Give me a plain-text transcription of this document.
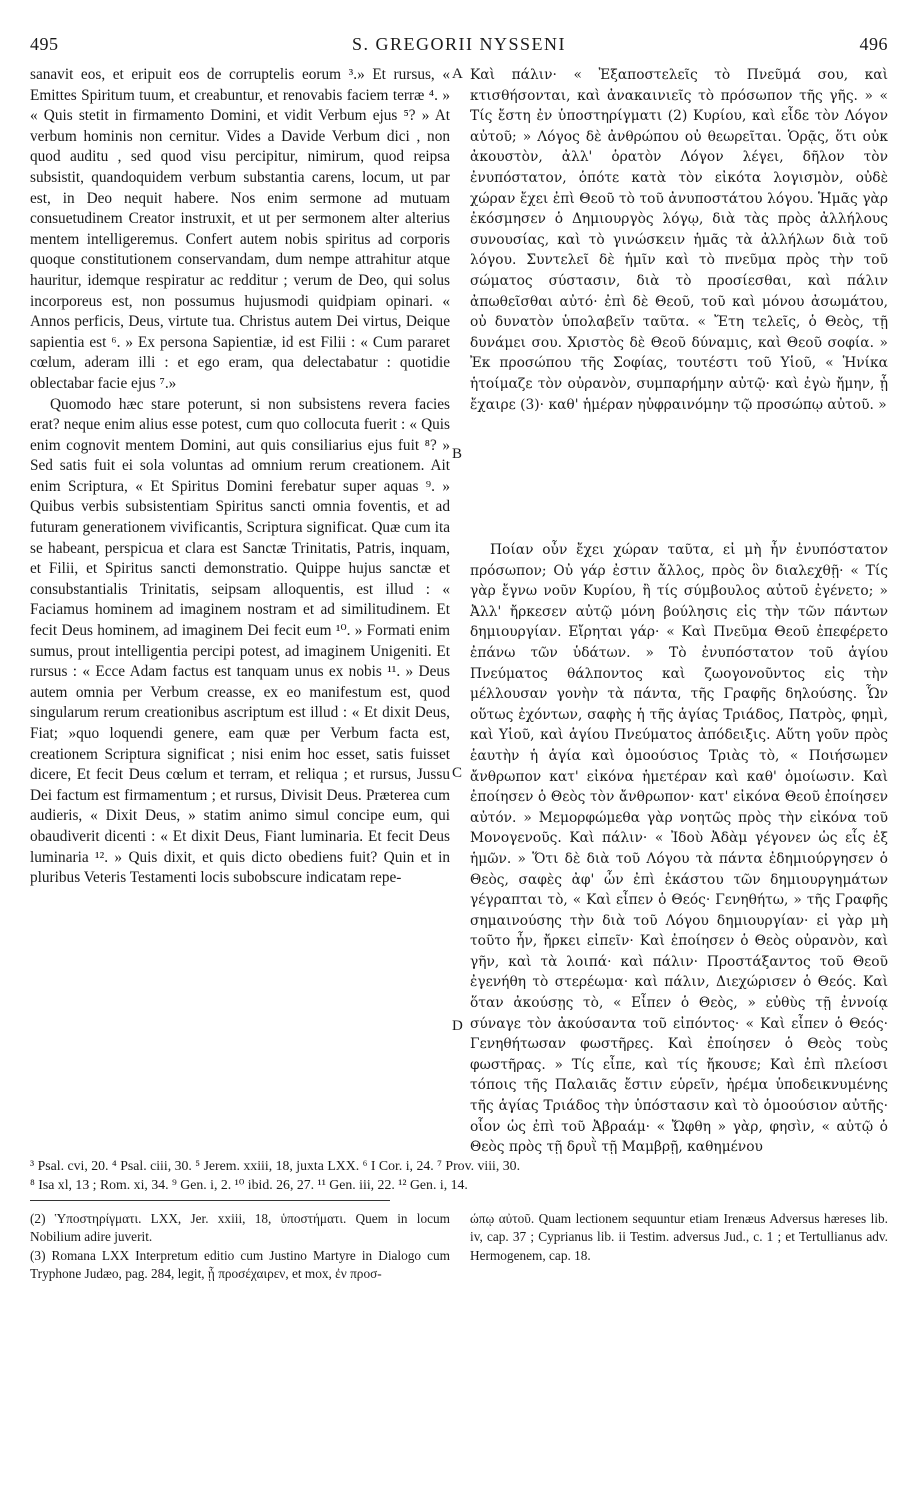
495	S. GREGORII NYSSENI	496

sanavit eos, et eripuit eos de corruptelis eorum ³.» Et rursus, « Emittes Spiritum tuum, et creabuntur, et renovabis faciem terræ ⁴. » « Quis stetit in firmamento Domini, et vidit Verbum ejus ⁵? » At verbum hominis non cernitur. Vides a Davide Verbum dici , non quod auditu , sed quod visu percipitur, nimirum, quod reipsa subsistit, quandoquidem verbum substantia carens, locum, ut par est, in Deo nequit habere. Nos enim sermone ad mutuam consuetudinem Creator instruxit, et ut per sermonem alter alterius mentem intelligeremus. Confert autem nobis spiritus ad corporis quoque constitutionem conservandam, dum nempe attrahitur atque hauritur, idemque respiratur ac redditur ; verum de Deo, qui solus incorporeus est, non possumus hujusmodi quidpiam opinari. « Annos perficis, Deus, virtute tua. Christus autem Dei virtus, Deique sapientia est ⁶. » Ex persona Sapientiæ, id est Filii : « Cum pararet cœlum, aderam illi : et ego eram, qua delectabatur : quotidie oblectabar facie ejus ⁷.»

Quomodo hæc stare poterunt, si non subsistens revera facies erat? neque enim alius esse potest, cum quo collocuta fuerit : « Quis enim cognovit mentem Domini, aut quis consiliarius ejus fuit ⁸? » Sed satis fuit ei sola voluntas ad omnium rerum creationem. Ait enim Scriptura, « Et Spiritus Domini ferebatur super aquas ⁹. » Quibus verbis subsistentiam Spiritus sancti omnia foventis, et ad futuram generationem vivificantis, Scriptura significat. Quæ cum ita se habeant, perspicua et clara est Sanctæ Trinitatis, Patris, inquam, et Filii, et Spiritus sancti demonstratio. Quippe hujus sanctæ et consubstantialis Trinitatis, seipsam alloquentis, est illud : « Faciamus hominem ad imaginem nostram et ad similitudinem. Et fecit Deus hominem, ad imaginem Dei fecit eum ¹⁰. » Formati enim sumus, prout intelligentia percipi potest, ad imaginem Unigeniti. Et rursus : « Ecce Adam factus est tanquam unus ex nobis ¹¹. » Deus autem omnia per Verbum creasse, ex eo manifestum est, quod singularum rerum creationibus ascriptum est illud : « Et dixit Deus, Fiat; »quo loquendi genere, eam quæ per Verbum facta est, creationem Scriptura significat ; nisi enim hoc esset, satis fuisset dicere, Et fecit Deus cœlum et terram, et reliqua ; et rursus, Jussu Dei factum est firmamentum ; et rursus, Divisit Deus. Præterea cum audieris, « Dixit Deus, » statim animo simul concipe eum, qui obaudiverit dicenti : « Et dixit Deus, Fiant luminaria. Et fecit Deus luminaria ¹². » Quis dixit, et quis dicto obediens fuit? Quin et in pluribus Veteris Testamenti locis subobscure indicatam repe-

A
B
C
D

Καὶ πάλιν· « Ἐξαποστελεῖς τὸ Πνεῦμά σου, καὶ κτισθήσονται, καὶ ἀνακαινιεῖς τὸ πρόσωπον τῆς γῆς. » « Τίς ἔστη ἐν ὑποστηρίγματι (2) Κυρίου, καὶ εἶδε τὸν Λόγον αὐτοῦ; » Λόγος δὲ ἀνθρώπου οὐ θεωρεῖται. Ὁρᾷς, ὅτι οὐκ ἀκουστὸν, ἀλλ' ὁρατὸν Λόγον λέγει, δῆλον τὸν ἐνυπόστατον, ὁπότε κατὰ τὸν εἰκότα λογισμὸν, οὐδὲ χώραν ἔχει ἐπὶ Θεοῦ τὸ τοῦ ἀνυποστάτου λόγου. Ἡμᾶς γὰρ ἐκόσμησεν ὁ Δημιουργὸς λόγῳ, διὰ τὰς πρὸς ἀλλήλους συνουσίας, καὶ τὸ γινώσκειν ἡμᾶς τὰ ἀλλήλων διὰ τοῦ λόγου. Συντελεῖ δὲ ἡμῖν καὶ τὸ πνεῦμα πρὸς τὴν τοῦ σώματος σύστασιν, διὰ τὸ προσίεσθαι, καὶ πάλιν ἀπωθεῖσθαι αὐτό· ἐπὶ δὲ Θεοῦ, τοῦ καὶ μόνου ἀσωμάτου, οὐ δυνατὸν ὑπολαβεῖν ταῦτα. « Ἔτη τελεῖς, ὁ Θεὸς, τῇ δυνάμει σου. Χριστὸς δὲ Θεοῦ δύναμις, καὶ Θεοῦ σοφία. » Ἐκ προσώπου τῆς Σοφίας, τουτέστι τοῦ Υἱοῦ, « Ἡνίκα ἡτοίμαζε τὸν οὐρανὸν, συμπαρήμην αὐτῷ· καὶ ἐγὼ ἤμην, ᾗ ἔχαιρε (3)· καθ' ἡμέραν ηὐφραινόμην τῷ προσώπῳ αὐτοῦ. »

Ποίαν οὖν ἔχει χώραν ταῦτα, εἰ μὴ ἦν ἐνυπόστατον πρόσωπον; Οὐ γάρ ἐστιν ἄλλος, πρὸς ὃν διαλεχθῇ· « Τίς γὰρ ἔγνω νοῦν Κυρίου, ἢ τίς σύμβουλος αὐτοῦ ἐγένετο; » Ἀλλ' ἤρκεσεν αὐτῷ μόνη βούλησις εἰς τὴν τῶν πάντων δημιουργίαν. Εἴρηται γάρ· « Καὶ Πνεῦμα Θεοῦ ἐπεφέρετο ἐπάνω τῶν ὑδάτων. » Τὸ ἐνυπόστατον τοῦ ἁγίου Πνεύματος θάλποντος καὶ ζωογονοῦντος εἰς τὴν μέλλουσαν γονὴν τὰ πάντα, τῆς Γραφῆς δηλούσης. Ὧν οὕτως ἐχόντων, σαφὴς ἡ τῆς ἁγίας Τριάδος, Πατρὸς, φημὶ, καὶ Υἱοῦ, καὶ ἁγίου Πνεύματος ἀπόδειξις. Αὕτη γοῦν πρὸς ἑαυτὴν ἡ ἁγία καὶ ὁμοούσιος Τριὰς τὸ, « Ποιήσωμεν ἄνθρωπον κατ' εἰκόνα ἡμετέραν καὶ καθ' ὁμοίωσιν. Καὶ ἐποίησεν ὁ Θεὸς τὸν ἄνθρωπον· κατ' εἰκόνα Θεοῦ ἐποίησεν αὐτόν. » Μεμορφώμεθα γὰρ νοητῶς πρὸς τὴν εἰκόνα τοῦ Μονογενοῦς. Καὶ πάλιν· « Ἰδοὺ Ἀδὰμ γέγονεν ὡς εἷς ἐξ ἡμῶν. » Ὅτι δὲ διὰ τοῦ Λόγου τὰ πάντα ἐδημιούργησεν ὁ Θεὸς, σαφὲς ἀφ' ὧν ἐπὶ ἑκάστου τῶν δημιουργημάτων γέγραπται τὸ, « Καὶ εἶπεν ὁ Θεός· Γενηθήτω, » τῆς Γραφῆς σημαινούσης τὴν διὰ τοῦ Λόγου δημιουργίαν· εἰ γὰρ μὴ τοῦτο ἦν, ἤρκει εἰπεῖν· Καὶ ἐποίησεν ὁ Θεὸς οὐρανὸν, καὶ γῆν, καὶ τὰ λοιπά· καὶ πάλιν· Προστάξαντος τοῦ Θεοῦ ἐγενήθη τὸ στερέωμα· καὶ πάλιν, Διεχώρισεν ὁ Θεός. Καὶ ὅταν ἀκούσῃς τὸ, « Εἶπεν ὁ Θεὸς, » εὐθὺς τῇ ἐννοίᾳ σύναγε τὸν ἀκούσαντα τοῦ εἰπόντος· « Καὶ εἶπεν ὁ Θεός· Γενηθήτωσαν φωστῆρες. Καὶ ἐποίησεν ὁ Θεὸς τοὺς φωστῆρας. » Τίς εἶπε, καὶ τίς ἤκουσε; Καὶ ἐπὶ πλείοσι τόποις τῆς Παλαιᾶς ἔστιν εὑρεῖν, ἠρέμα ὑποδεικνυμένης τῆς ἁγίας Τριάδος τὴν ὑπόστασιν καὶ τὸ ὁμοούσιον αὐτῆς· οἷον ὡς ἐπὶ τοῦ Ἀβραάμ· « Ὤφθη » γὰρ, φησὶν, « αὐτῷ ὁ Θεὸς πρὸς τῇ δρυῒ τῇ Μαμβρῇ, καθημένου

³ Psal. cvi, 20. ⁴ Psal. ciii, 30. ⁵ Jerem. xxiii, 18, juxta LXX. ⁶ I Cor. i, 24. ⁷ Prov. viii, 30.
⁸ Isa xl, 13 ; Rom. xi, 34. ⁹ Gen. i, 2. ¹⁰ ibid. 26, 27. ¹¹ Gen. iii, 22. ¹² Gen. i, 14.

(2) Ὑποστηρίγματι. LXX, Jer. xxiii, 18, ὑποστήματι. Quem in locum Nobilium adire juverit.

(3) Romana LXX Interpretum editio cum Justino Martyre in Dialogo cum Tryphone Judæo, pag. 284, legit, ᾗ προσέχαιρεν, et mox, ἐν προσ-

ώπῳ αὐτοῦ. Quam lectionem sequuntur etiam Irenæus Adversus hæreses lib. iv, cap. 37 ; Cyprianus lib. ii Testim. adversus Jud., c. 1 ; et Tertullianus adv. Hermogenem, cap. 18.
